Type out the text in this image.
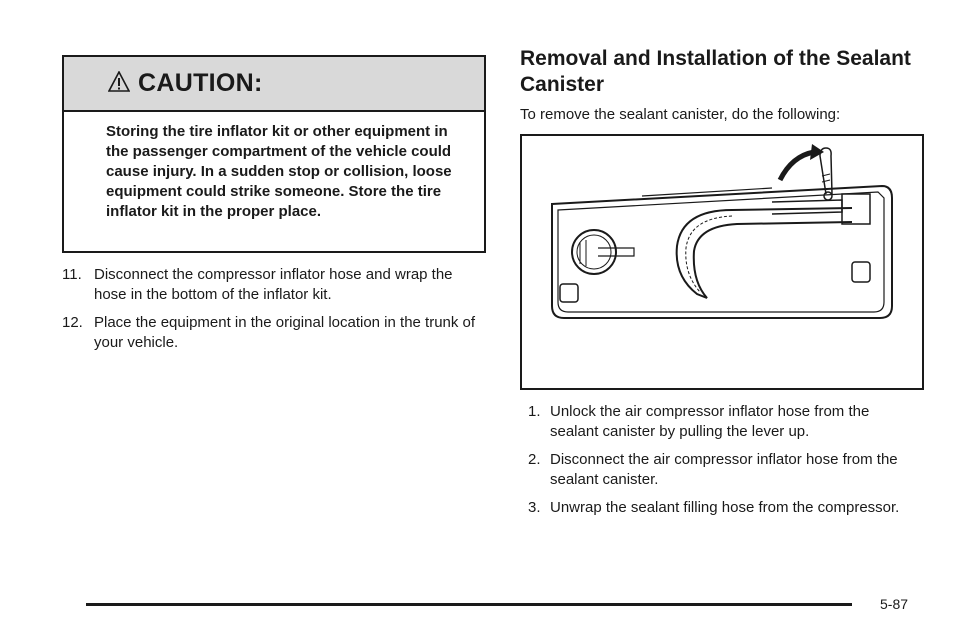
CAUTION:
Storing the tire inflator kit or other equipment in the passenger compartment of the vehicle could cause injury. In a sudden stop or collision, loose equipment could strike someone. Store the tire inflator kit in the proper place.
11. Disconnect the compressor inflator hose and wrap the hose in the bottom of the inflator kit.
12. Place the equipment in the original location in the trunk of your vehicle.
Removal and Installation of the Sealant Canister
To remove the sealant canister, do the following:
1. Unlock the air compressor inflator hose from the sealant canister by pulling the lever up.
2. Disconnect the air compressor inflator hose from the sealant canister.
3. Unwrap the sealant filling hose from the compressor.
5-87
